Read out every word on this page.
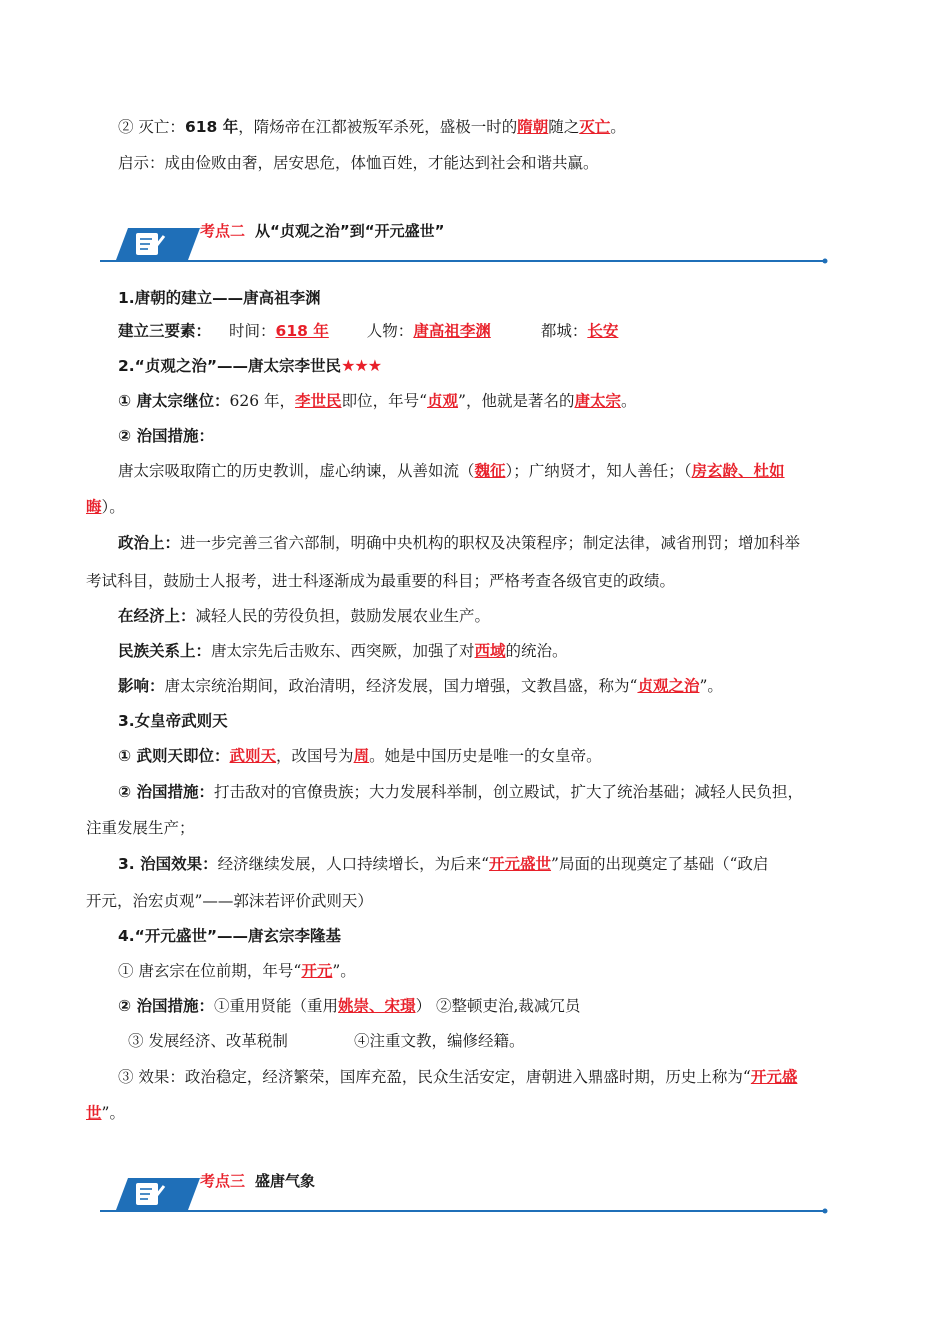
② 灭亡：618 年，隋炀帝在江都被叛军杀死，盛极一时的隋朝随之灭亡。
启示：成由俭败由奢，居安思危，体恤百姓，才能达到社会和谐共赢。
考点二 从“贞观之治”到“开元盛世”
1.唐朝的建立——唐高祖李渊
建立三要素： 时间：618 年 人物：唐高祖李渊	都城：长安
2.“贞观之治”——唐太宗李世民★★★
① 唐太宗继位：626 年，李世民即位，年号“贞观”，他就是著名的唐太宗。
② 治国措施：
唐太宗吸取隋亡的历史教训，虚心纳谏，从善如流（魏征）；广纳贤才，知人善任；（房玄龄、杜如
晦）。
政治上：进一步完善三省六部制，明确中央机构的职权及决策程序；制定法律，减省刑罚；增加科举
考试科目，鼓励士人报考，进士科逐渐成为最重要的科目；严格考查各级官吏的政绩。
在经济上：减轻人民的劳役负担，鼓励发展农业生产。
民族关系上：唐太宗先后击败东、西突厥，加强了对西域的统治。
影响：唐太宗统治期间，政治清明，经济发展，国力增强，文教昌盛，称为“贞观之治”。
3.女皇帝武则天
① 武则天即位：武则天，改国号为周。她是中国历史是唯一的女皇帝。
② 治国措施：打击敌对的官僚贵族；大力发展科举制，创立殿试，扩大了统治基础；减轻人民负担，
注重发展生产；
3. 治国效果：经济继续发展，人口持续增长，为后来“开元盛世”局面的出现奠定了基础（“政启
开元，治宏贞观”——郭沫若评价武则天）
4.“开元盛世”——唐玄宗李隆基
① 唐玄宗在位前期，年号“开元”。
② 治国措施：①重用贤能（重用姚崇、宋璟） ②整顿吏治,裁减冗员
③ 发展经济、改革税制	④注重文教，编修经籍。
③ 效果：政治稳定，经济繁荣，国库充盈，民众生活安定，唐朝进入鼎盛时期，历史上称为“开元盛
世”。
考点三 盛唐气象
